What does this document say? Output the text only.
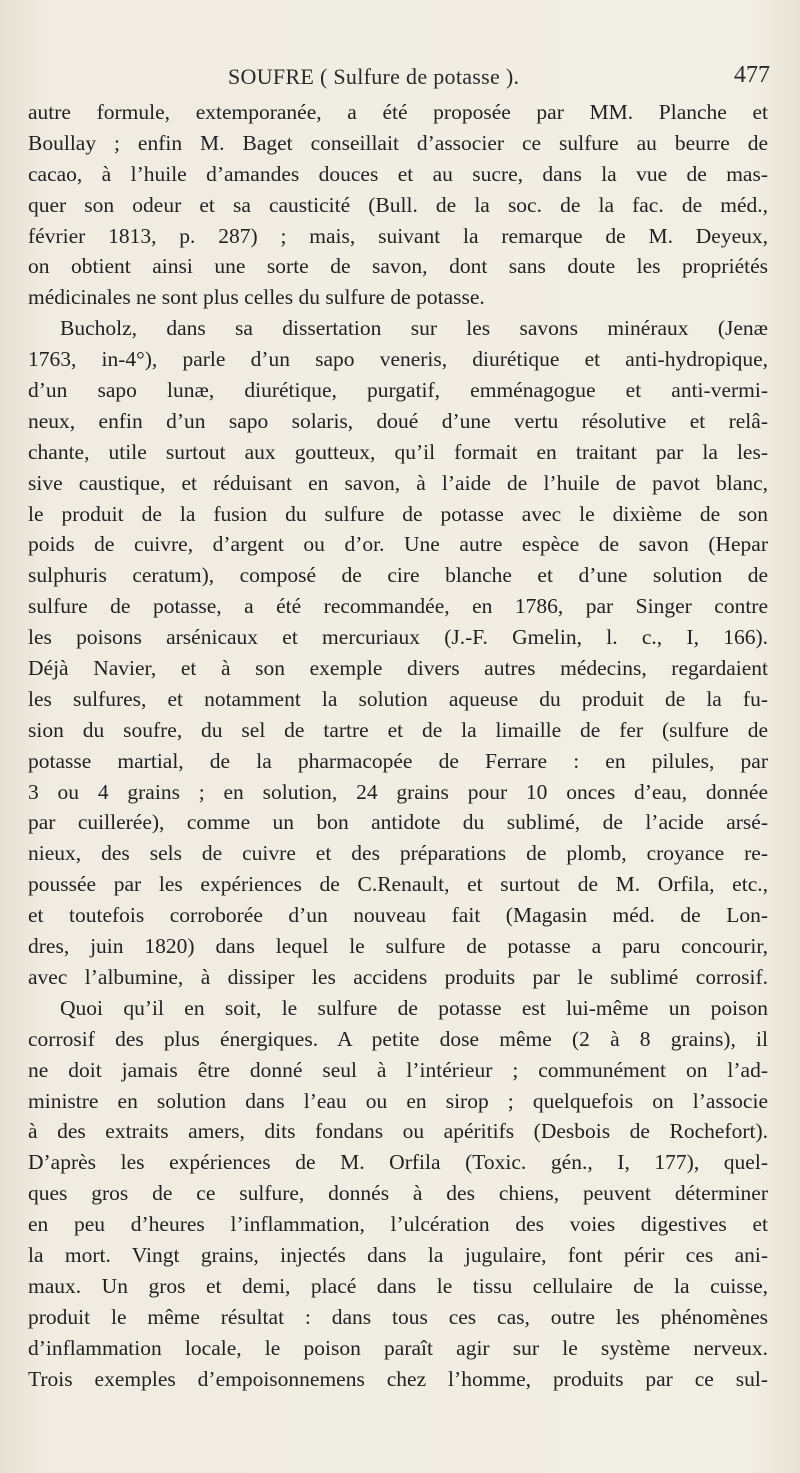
SOUFRE ( Sulfure de potasse ).	477
autre formule, extemporanée, a été proposée par MM. Planche et
Boullay ; enfin M. Baget conseillait d’associer ce sulfure au beurre de
cacao, à l’huile d’amandes douces et au sucre, dans la vue de mas-
quer son odeur et sa causticité (Bull. de la soc. de la fac. de méd.,
février 1813, p. 287) ; mais, suivant la remarque de M. Deyeux,
on obtient ainsi une sorte de savon, dont sans doute les propriétés
médicinales ne sont plus celles du sulfure de potasse.
Bucholz, dans sa dissertation sur les savons minéraux (Jenæ
1763, in-4°), parle d’un sapo veneris, diurétique et anti-hydropique,
d’un sapo lunæ, diurétique, purgatif, emménagogue et anti-vermi-
neux, enfin d’un sapo solaris, doué d’une vertu résolutive et relâ-
chante, utile surtout aux goutteux, qu’il formait en traitant par la les-
sive caustique, et réduisant en savon, à l’aide de l’huile de pavot blanc,
le produit de la fusion du sulfure de potasse avec le dixième de son
poids de cuivre, d’argent ou d’or. Une autre espèce de savon (Hepar
sulphuris ceratum), composé de cire blanche et d’une solution de
sulfure de potasse, a été recommandée, en 1786, par Singer contre
les poisons arsénicaux et mercuriaux (J.-F. Gmelin, l. c., I, 166).
Déjà Navier, et à son exemple divers autres médecins, regardaient
les sulfures, et notamment la solution aqueuse du produit de la fu-
sion du soufre, du sel de tartre et de la limaille de fer (sulfure de
potasse martial, de la pharmacopée de Ferrare : en pilules, par
3 ou 4 grains ; en solution, 24 grains pour 10 onces d’eau, donnée
par cuillerée), comme un bon antidote du sublimé, de l’acide arsé-
nieux, des sels de cuivre et des préparations de plomb, croyance re-
poussée par les expériences de C.Renault, et surtout de M. Orfila, etc.,
et toutefois corroborée d’un nouveau fait (Magasin méd. de Lon-
dres, juin 1820) dans lequel le sulfure de potasse a paru concourir,
avec l’albumine, à dissiper les accidens produits par le sublimé corrosif.
Quoi qu’il en soit, le sulfure de potasse est lui-même un poison
corrosif des plus énergiques. A petite dose même (2 à 8 grains), il
ne doit jamais être donné seul à l’intérieur ; communément on l’ad-
ministre en solution dans l’eau ou en sirop ; quelquefois on l’associe
à des extraits amers, dits fondans ou apéritifs (Desbois de Rochefort).
D’après les expériences de M. Orfila (Toxic. gén., I, 177), quel-
ques gros de ce sulfure, donnés à des chiens, peuvent déterminer
en peu d’heures l’inflammation, l’ulcération des voies digestives et
la mort. Vingt grains, injectés dans la jugulaire, font périr ces ani-
maux. Un gros et demi, placé dans le tissu cellulaire de la cuisse,
produit le même résultat : dans tous ces cas, outre les phénomènes
d’inflammation locale, le poison paraît agir sur le système nerveux.
Trois exemples d’empoisonnemens chez l’homme, produits par ce sul-
